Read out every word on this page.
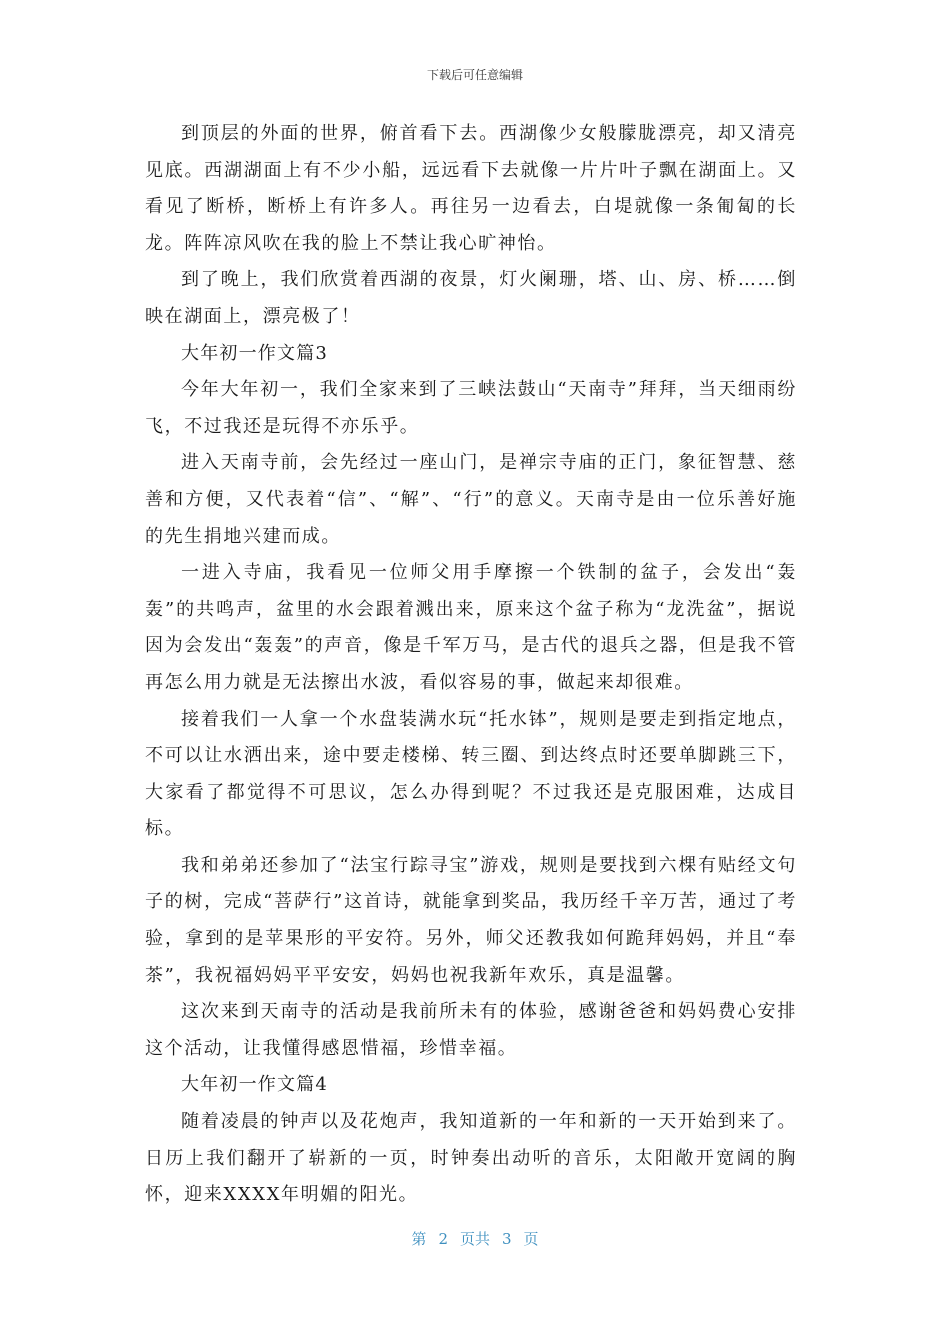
下载后可任意编辑

到顶层的外面的世界，俯首看下去。西湖像少女般朦胧漂亮，却又清亮见底。西湖湖面上有不少小船，远远看下去就像一片片叶子飘在湖面上。又看见了断桥，断桥上有许多人。再往另一边看去，白堤就像一条匍匐的长龙。阵阵凉风吹在我的脸上不禁让我心旷神怡。

到了晚上，我们欣赏着西湖的夜景，灯火阑珊，塔、山、房、桥……倒映在湖面上，漂亮极了！

大年初一作文篇3

今年大年初一，我们全家来到了三峡法鼓山“天南寺”拜拜，当天细雨纷飞，不过我还是玩得不亦乐乎。

进入天南寺前，会先经过一座山门，是禅宗寺庙的正门，象征智慧、慈善和方便，又代表着“信”、“解”、“行”的意义。天南寺是由一位乐善好施的先生捐地兴建而成。

一进入寺庙，我看见一位师父用手摩擦一个铁制的盆子，会发出“轰轰”的共鸣声，盆里的水会跟着溅出来，原来这个盆子称为“龙洗盆”，据说因为会发出“轰轰”的声音，像是千军万马，是古代的退兵之器，但是我不管再怎么用力就是无法擦出水波，看似容易的事，做起来却很难。

接着我们一人拿一个水盘装满水玩“托水钵”，规则是要走到指定地点，不可以让水洒出来，途中要走楼梯、转三圈、到达终点时还要单脚跳三下，大家看了都觉得不可思议，怎么办得到呢？不过我还是克服困难，达成目标。

我和弟弟还参加了“法宝行踪寻宝”游戏，规则是要找到六棵有贴经文句子的树，完成“菩萨行”这首诗，就能拿到奖品，我历经千辛万苦，通过了考验，拿到的是苹果形的平安符。另外，师父还教我如何跪拜妈妈，并且“奉茶”，我祝福妈妈平平安安，妈妈也祝我新年欢乐，真是温馨。

这次来到天南寺的活动是我前所未有的体验，感谢爸爸和妈妈费心安排这个活动，让我懂得感恩惜福，珍惜幸福。

大年初一作文篇4

随着凌晨的钟声以及花炮声，我知道新的一年和新的一天开始到来了。日历上我们翻开了崭新的一页，时钟奏出动听的音乐，太阳敞开宽阔的胸怀，迎来XXXX年明媚的阳光。

第 2 页共 3 页
